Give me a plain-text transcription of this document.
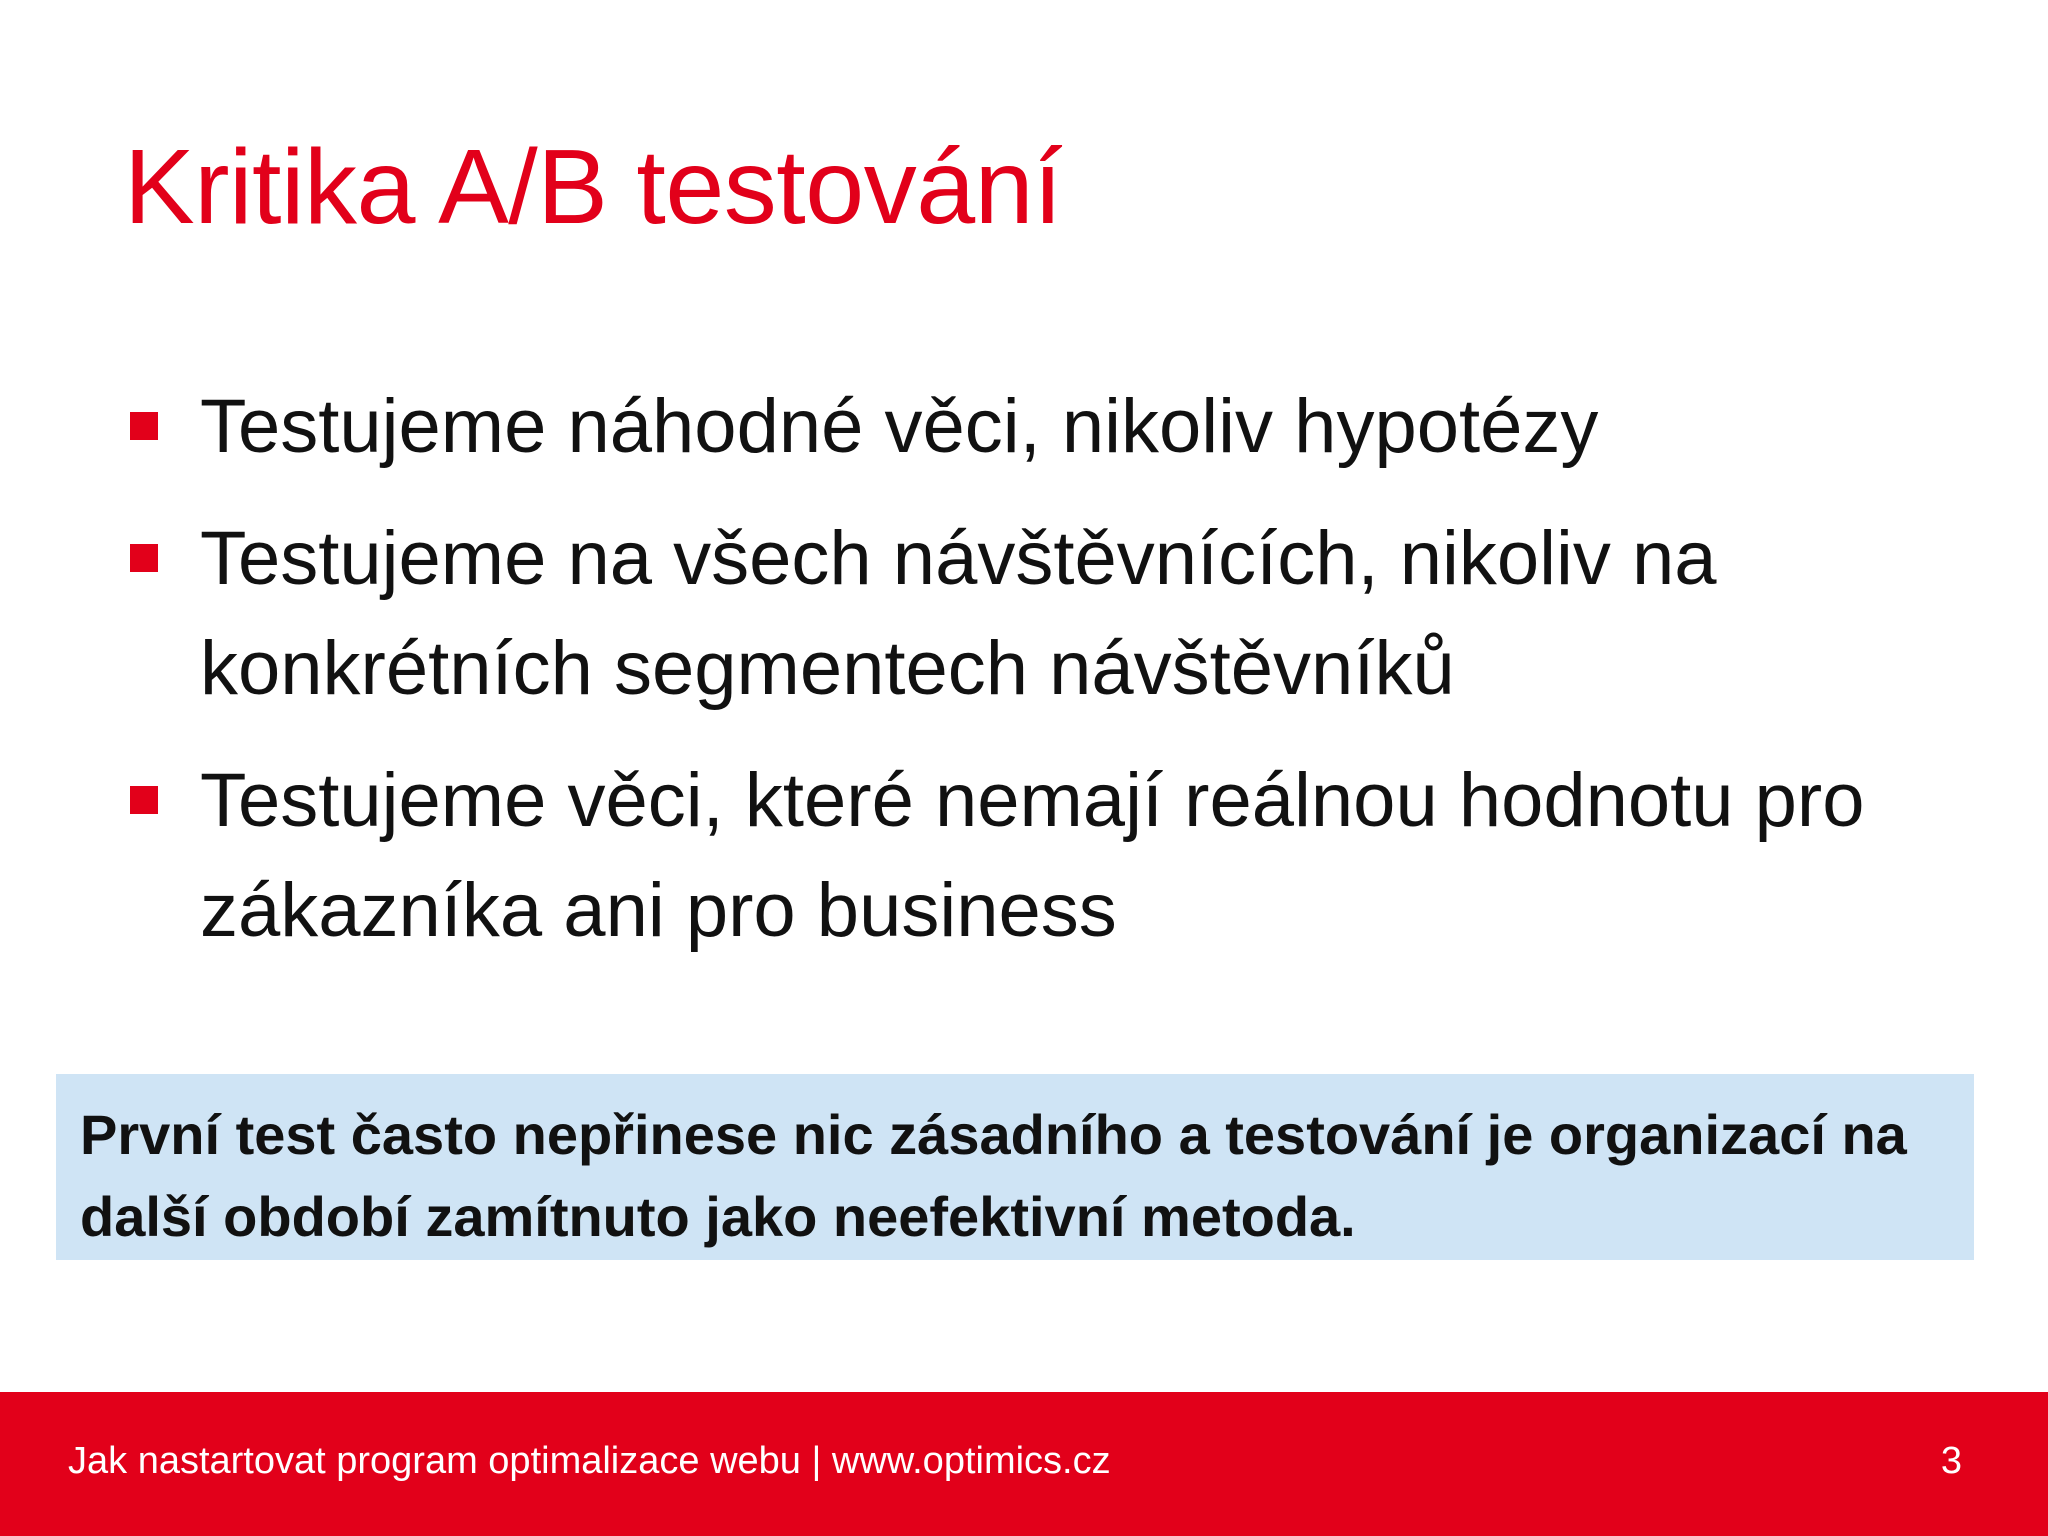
Kritika A/B testování
Testujeme náhodné věci, nikoliv hypotézy
Testujeme na všech návštěvnících, nikoliv na konkrétních segmentech návštěvníků
Testujeme věci, které nemají reálnou hodnotu pro zákazníka ani pro business

První test často nepřinese nic zásadního a testování je organizací na další období zamítnuto jako neefektivní metoda.

Jak nastartovat program optimalizace webu | www.optimics.cz	3
